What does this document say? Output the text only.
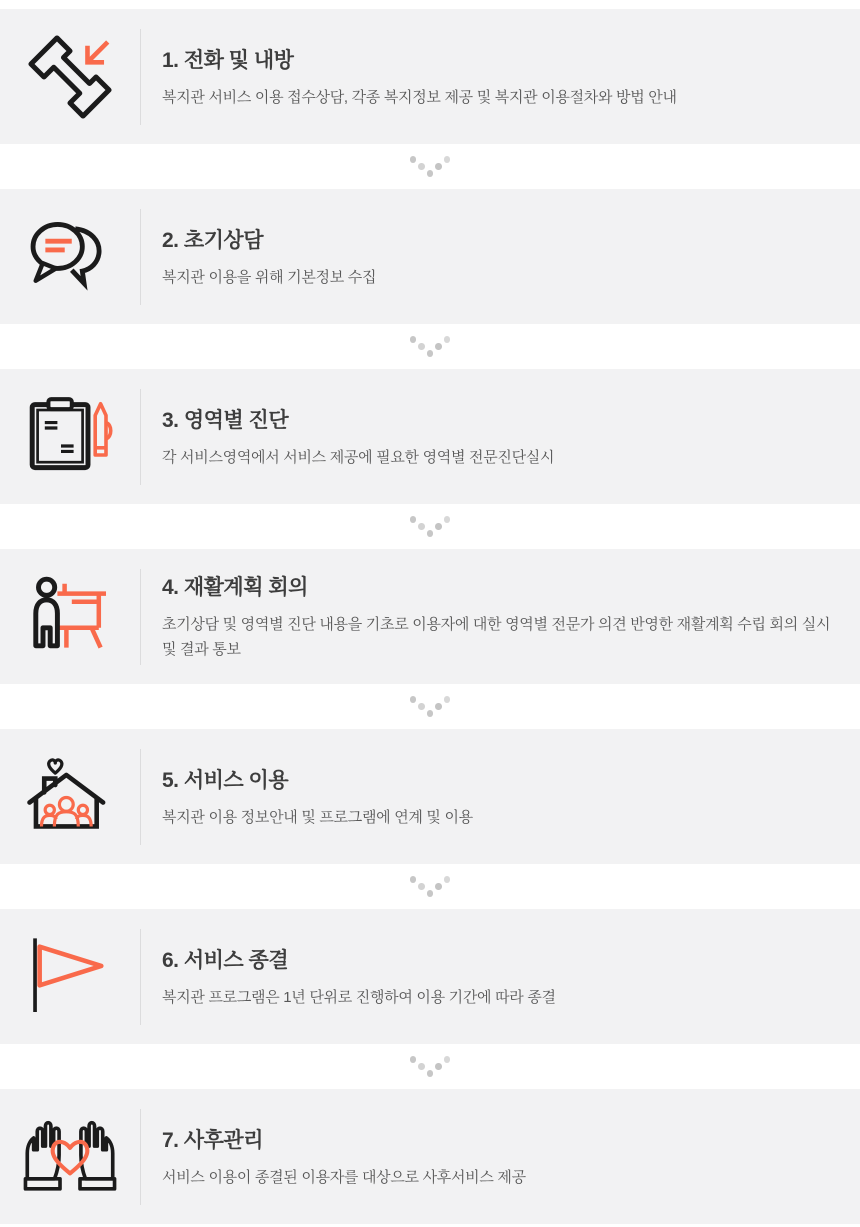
1. 전화 및 내방

복지관 서비스 이용 접수상담, 각종 복지정보 제공 및 복지관 이용절차와 방법 안내

2. 초기상담

복지관 이용을 위해 기본정보 수집

3. 영역별 진단

각 서비스영역에서 서비스 제공에 필요한 영역별 전문진단실시

4. 재활계획 회의

초기상담 및 영역별 진단 내용을 기초로 이용자에 대한 영역별 전문가 의견 반영한 재활계획 수립 회의 실시 및 결과 통보

5. 서비스 이용

복지관 이용 정보안내 및 프로그램에 연계 및 이용

6. 서비스 종결

복지관 프로그램은 1년 단위로 진행하여 이용 기간에 따라 종결

7. 사후관리

서비스 이용이 종결된 이용자를 대상으로 사후서비스 제공
